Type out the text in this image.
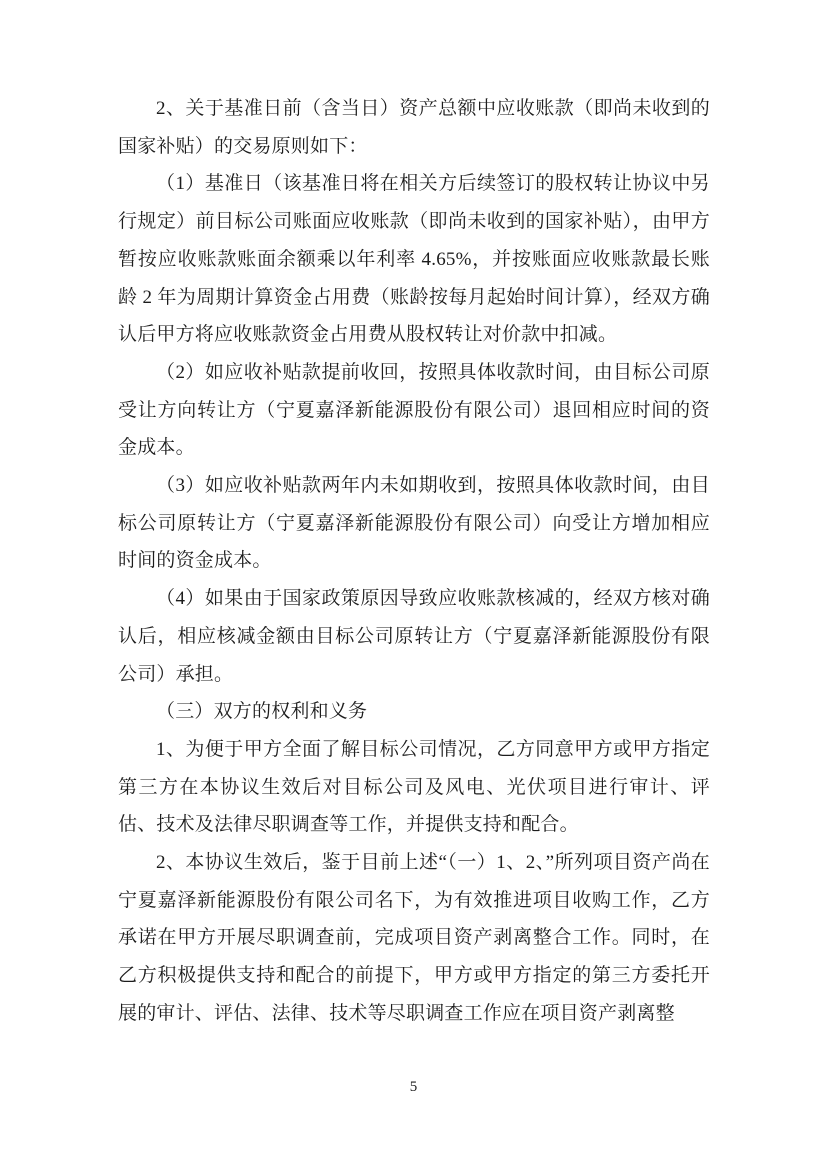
2、关于基准日前（含当日）资产总额中应收账款（即尚未收到的国家补贴）的交易原则如下：

（1）基准日（该基准日将在相关方后续签订的股权转让协议中另行规定）前目标公司账面应收账款（即尚未收到的国家补贴），由甲方暂按应收账款账面余额乘以年利率 4.65%，并按账面应收账款最长账龄 2 年为周期计算资金占用费（账龄按每月起始时间计算），经双方确认后甲方将应收账款资金占用费从股权转让对价款中扣减。

（2）如应收补贴款提前收回，按照具体收款时间，由目标公司原受让方向转让方（宁夏嘉泽新能源股份有限公司）退回相应时间的资金成本。

（3）如应收补贴款两年内未如期收到，按照具体收款时间，由目标公司原转让方（宁夏嘉泽新能源股份有限公司）向受让方增加相应时间的资金成本。

（4）如果由于国家政策原因导致应收账款核减的，经双方核对确认后，相应核减金额由目标公司原转让方（宁夏嘉泽新能源股份有限公司）承担。

（三）双方的权利和义务

1、为便于甲方全面了解目标公司情况，乙方同意甲方或甲方指定第三方在本协议生效后对目标公司及风电、光伏项目进行审计、评估、技术及法律尽职调查等工作，并提供支持和配合。

2、本协议生效后，鉴于目前上述“（一）1、2、”所列项目资产尚在宁夏嘉泽新能源股份有限公司名下，为有效推进项目收购工作，乙方承诺在甲方开展尽职调查前，完成项目资产剥离整合工作。同时，在乙方积极提供支持和配合的前提下，甲方或甲方指定的第三方委托开展的审计、评估、法律、技术等尽职调查工作应在项目资产剥离整

5
